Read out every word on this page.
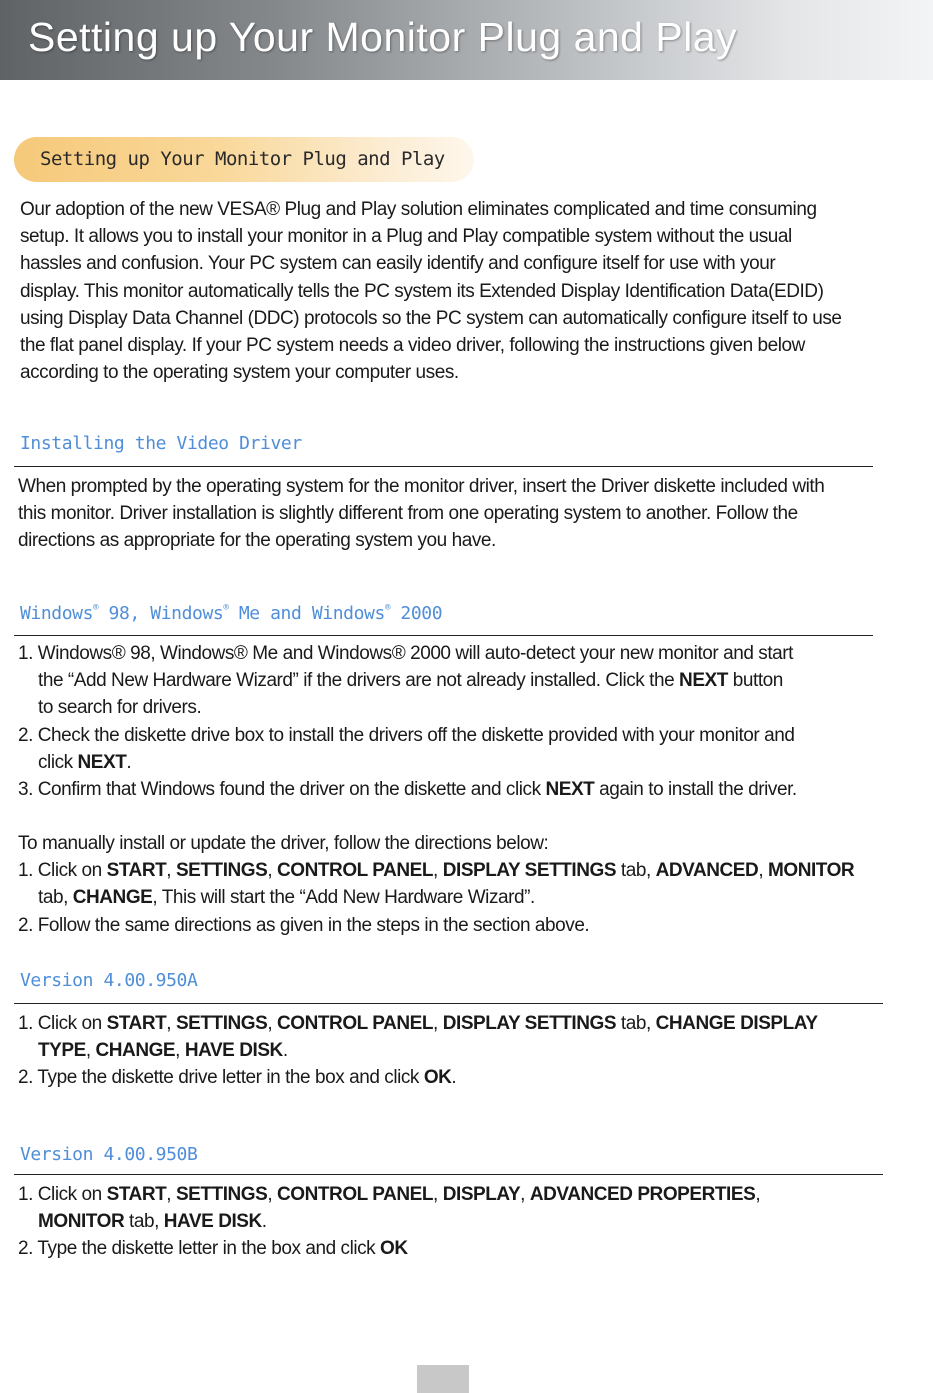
Setting up Your Monitor Plug and Play
Setting up Your Monitor Plug and Play
Our adoption of the new VESA® Plug and Play solution eliminates complicated and time consuming
setup. It allows you to install your monitor in a Plug and Play compatible system without the usual
hassles and confusion. Your PC system can easily identify and configure itself for use with your
display. This monitor automatically tells the PC system its Extended Display Identification Data(EDID)
using Display Data Channel (DDC) protocols so the PC system can automatically configure itself to use
the flat panel display. If your PC system needs a video driver, following the instructions given below
according to the operating system your computer uses.
Installing the Video Driver
When prompted by the operating system for the monitor driver, insert the Driver diskette included with
this monitor. Driver installation is slightly different from one operating system to another. Follow the
directions as appropriate for the operating system you have.
Windows® 98, Windows® Me and Windows® 2000
1. Windows® 98, Windows® Me and Windows® 2000 will auto-detect your new monitor and start
the “Add New Hardware Wizard” if the drivers are not already installed. Click the NEXT button
to search for drivers.
2. Check the diskette drive box to install the drivers off the diskette provided with your monitor and
click NEXT.
3. Confirm that Windows found the driver on the diskette and click NEXT again to install the driver.
To manually install or update the driver, follow the directions below:
1. Click on START, SETTINGS, CONTROL PANEL, DISPLAY SETTINGS tab, ADVANCED, MONITOR
tab, CHANGE, This will start the “Add New Hardware Wizard”.
2. Follow the same directions as given in the steps in the section above.
Version 4.00.950A
1. Click on START, SETTINGS, CONTROL PANEL, DISPLAY SETTINGS tab, CHANGE DISPLAY
TYPE, CHANGE, HAVE DISK.
2. Type the diskette drive letter in the box and click OK.
Version 4.00.950B
1. Click on START, SETTINGS, CONTROL PANEL, DISPLAY, ADVANCED PROPERTIES,
MONITOR tab, HAVE DISK.
2. Type the diskette letter in the box and click OK
